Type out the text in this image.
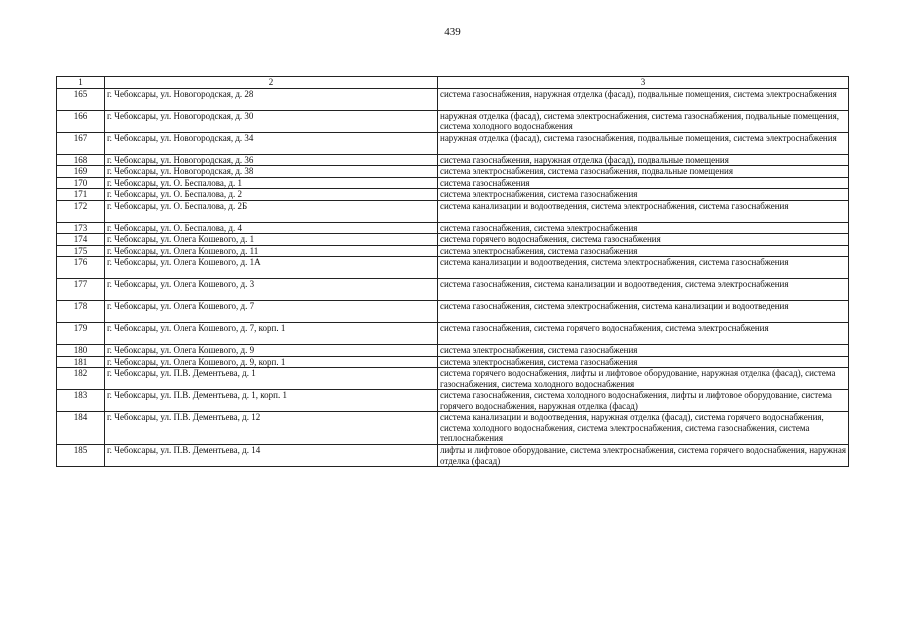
439
1	2	3
165	г. Чебоксары, ул. Новогородская, д. 28	система газоснабжения, наружная отделка (фасад), подвальные помещения, система электроснабжения
166	г. Чебоксары, ул. Новогородская, д. 30	наружная отделка (фасад), система электроснабжения, система газоснабжения, подвальные помещения, система холодного водоснабжения
167	г. Чебоксары, ул. Новогородская, д. 34	наружная отделка (фасад), система газоснабжения, подвальные помещения, система электроснабжения
168	г. Чебоксары, ул. Новогородская, д. 36	система газоснабжения, наружная отделка (фасад), подвальные помещения
169	г. Чебоксары, ул. Новогородская, д. 38	система электроснабжения, система газоснабжения, подвальные помещения
170	г. Чебоксары, ул. О. Беспалова, д. 1	система газоснабжения
171	г. Чебоксары, ул. О. Беспалова, д. 2	система электроснабжения, система газоснабжения
172	г. Чебоксары, ул. О. Беспалова, д. 2Б	система канализации и водоотведения, система электроснабжения, система газоснабжения
173	г. Чебоксары, ул. О. Беспалова, д. 4	система газоснабжения, система электроснабжения
174	г. Чебоксары, ул. Олега Кошевого, д. 1	система горячего водоснабжения, система газоснабжения
175	г. Чебоксары, ул. Олега Кошевого, д. 11	система электроснабжения, система газоснабжения
176	г. Чебоксары, ул. Олега Кошевого, д. 1А	система канализации и водоотведения, система электроснабжения, система газоснабжения
177	г. Чебоксары, ул. Олега Кошевого, д. 3	система газоснабжения, система канализации и водоотведения, система электроснабжения
178	г. Чебоксары, ул. Олега Кошевого, д. 7	система газоснабжения, система электроснабжения, система канализации и водоотведения
179	г. Чебоксары, ул. Олега Кошевого, д. 7, корп. 1	система газоснабжения, система горячего водоснабжения, система электроснабжения
180	г. Чебоксары, ул. Олега Кошевого, д. 9	система электроснабжения, система газоснабжения
181	г. Чебоксары, ул. Олега Кошевого, д. 9, корп. 1	система электроснабжения, система газоснабжения
182	г. Чебоксары, ул. П.В. Дементьева, д. 1	система горячего водоснабжения, лифты и лифтовое оборудование, наружная отделка (фасад), система газоснабжения, система холодного водоснабжения
183	г. Чебоксары, ул. П.В. Дементьева, д. 1, корп. 1	система газоснабжения, система холодного водоснабжения, лифты и лифтовое оборудование, система горячего водоснабжения, наружная отделка (фасад)
184	г. Чебоксары, ул. П.В. Дементьева, д. 12	система канализации и водоотведения, наружная отделка (фасад), система горячего водоснабжения, система холодного водоснабжения, система электроснабжения, система газоснабжения, система теплоснабжения
185	г. Чебоксары, ул. П.В. Дементьева, д. 14	лифты и лифтовое оборудование, система электроснабжения, система горячего водоснабжения, наружная отделка (фасад)
